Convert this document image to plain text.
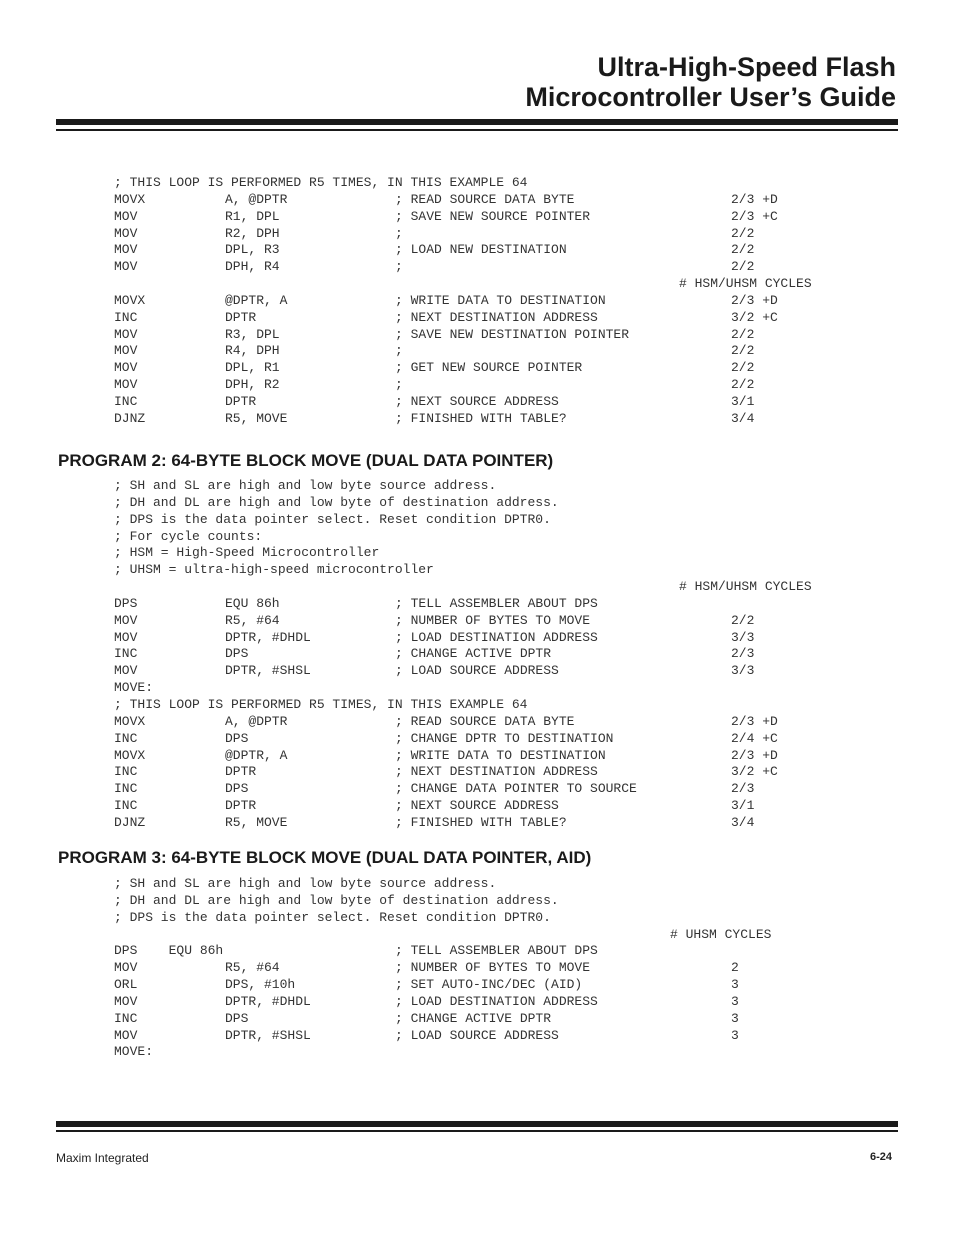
Ultra-High-Speed Flash
Microcontroller User’s Guide
; THIS LOOP IS PERFORMED R5 TIMES, IN THIS EXAMPLE 64
MOVX	A, @DPTR	; READ SOURCE DATA BYTE	2/3 +D
MOV	R1, DPL	; SAVE NEW SOURCE POINTER	2/3 +C
MOV	R2, DPH	;	2/2
MOV	DPL, R3	; LOAD NEW DESTINATION	2/2
MOV	DPH, R4	;	2/2
# HSM/UHSM CYCLES
MOVX	@DPTR, A	; WRITE DATA TO DESTINATION	2/3 +D
INC	DPTR	; NEXT DESTINATION ADDRESS	3/2 +C
MOV	R3, DPL	; SAVE NEW DESTINATION POINTER	2/2
MOV	R4, DPH	;	2/2
MOV	DPL, R1	; GET NEW SOURCE POINTER	2/2
MOV	DPH, R2	;	2/2
INC	DPTR	; NEXT SOURCE ADDRESS	3/1
DJNZ	R5, MOVE	; FINISHED WITH TABLE?	3/4
PROGRAM 2: 64-BYTE BLOCK MOVE (DUAL DATA POINTER)
; SH and SL are high and low byte source address.
; DH and DL are high and low byte of destination address.
; DPS is the data pointer select. Reset condition DPTR0.
; For cycle counts:
; HSM = High-Speed Microcontroller
; UHSM = ultra-high-speed microcontroller
# HSM/UHSM CYCLES
DPS	EQU 86h	; TELL ASSEMBLER ABOUT DPS
MOV	R5, #64	; NUMBER OF BYTES TO MOVE	2/2
MOV	DPTR, #DHDL	; LOAD DESTINATION ADDRESS	3/3
INC	DPS	; CHANGE ACTIVE DPTR	2/3
MOV	DPTR, #SHSL	; LOAD SOURCE ADDRESS	3/3
MOVE:
; THIS LOOP IS PERFORMED R5 TIMES, IN THIS EXAMPLE 64
MOVX	A, @DPTR	; READ SOURCE DATA BYTE	2/3 +D
INC	DPS	; CHANGE DPTR TO DESTINATION	2/4 +C
MOVX	@DPTR, A	; WRITE DATA TO DESTINATION	2/3 +D
INC	DPTR	; NEXT DESTINATION ADDRESS	3/2 +C
INC	DPS	; CHANGE DATA POINTER TO SOURCE	2/3
INC	DPTR	; NEXT SOURCE ADDRESS	3/1
DJNZ	R5, MOVE	; FINISHED WITH TABLE?	3/4
PROGRAM 3: 64-BYTE BLOCK MOVE (DUAL DATA POINTER, AID)
; SH and SL are high and low byte source address.
; DH and DL are high and low byte of destination address.
; DPS is the data pointer select. Reset condition DPTR0.
# UHSM CYCLES
DPS    EQU 86h	; TELL ASSEMBLER ABOUT DPS
MOV	R5, #64	; NUMBER OF BYTES TO MOVE	2
ORL	DPS, #10h	; SET AUTO-INC/DEC (AID)	3
MOV	DPTR, #DHDL	; LOAD DESTINATION ADDRESS	3
INC	DPS	; CHANGE ACTIVE DPTR	3
MOV	DPTR, #SHSL	; LOAD SOURCE ADDRESS	3
MOVE:
Maxim Integrated	6-24
